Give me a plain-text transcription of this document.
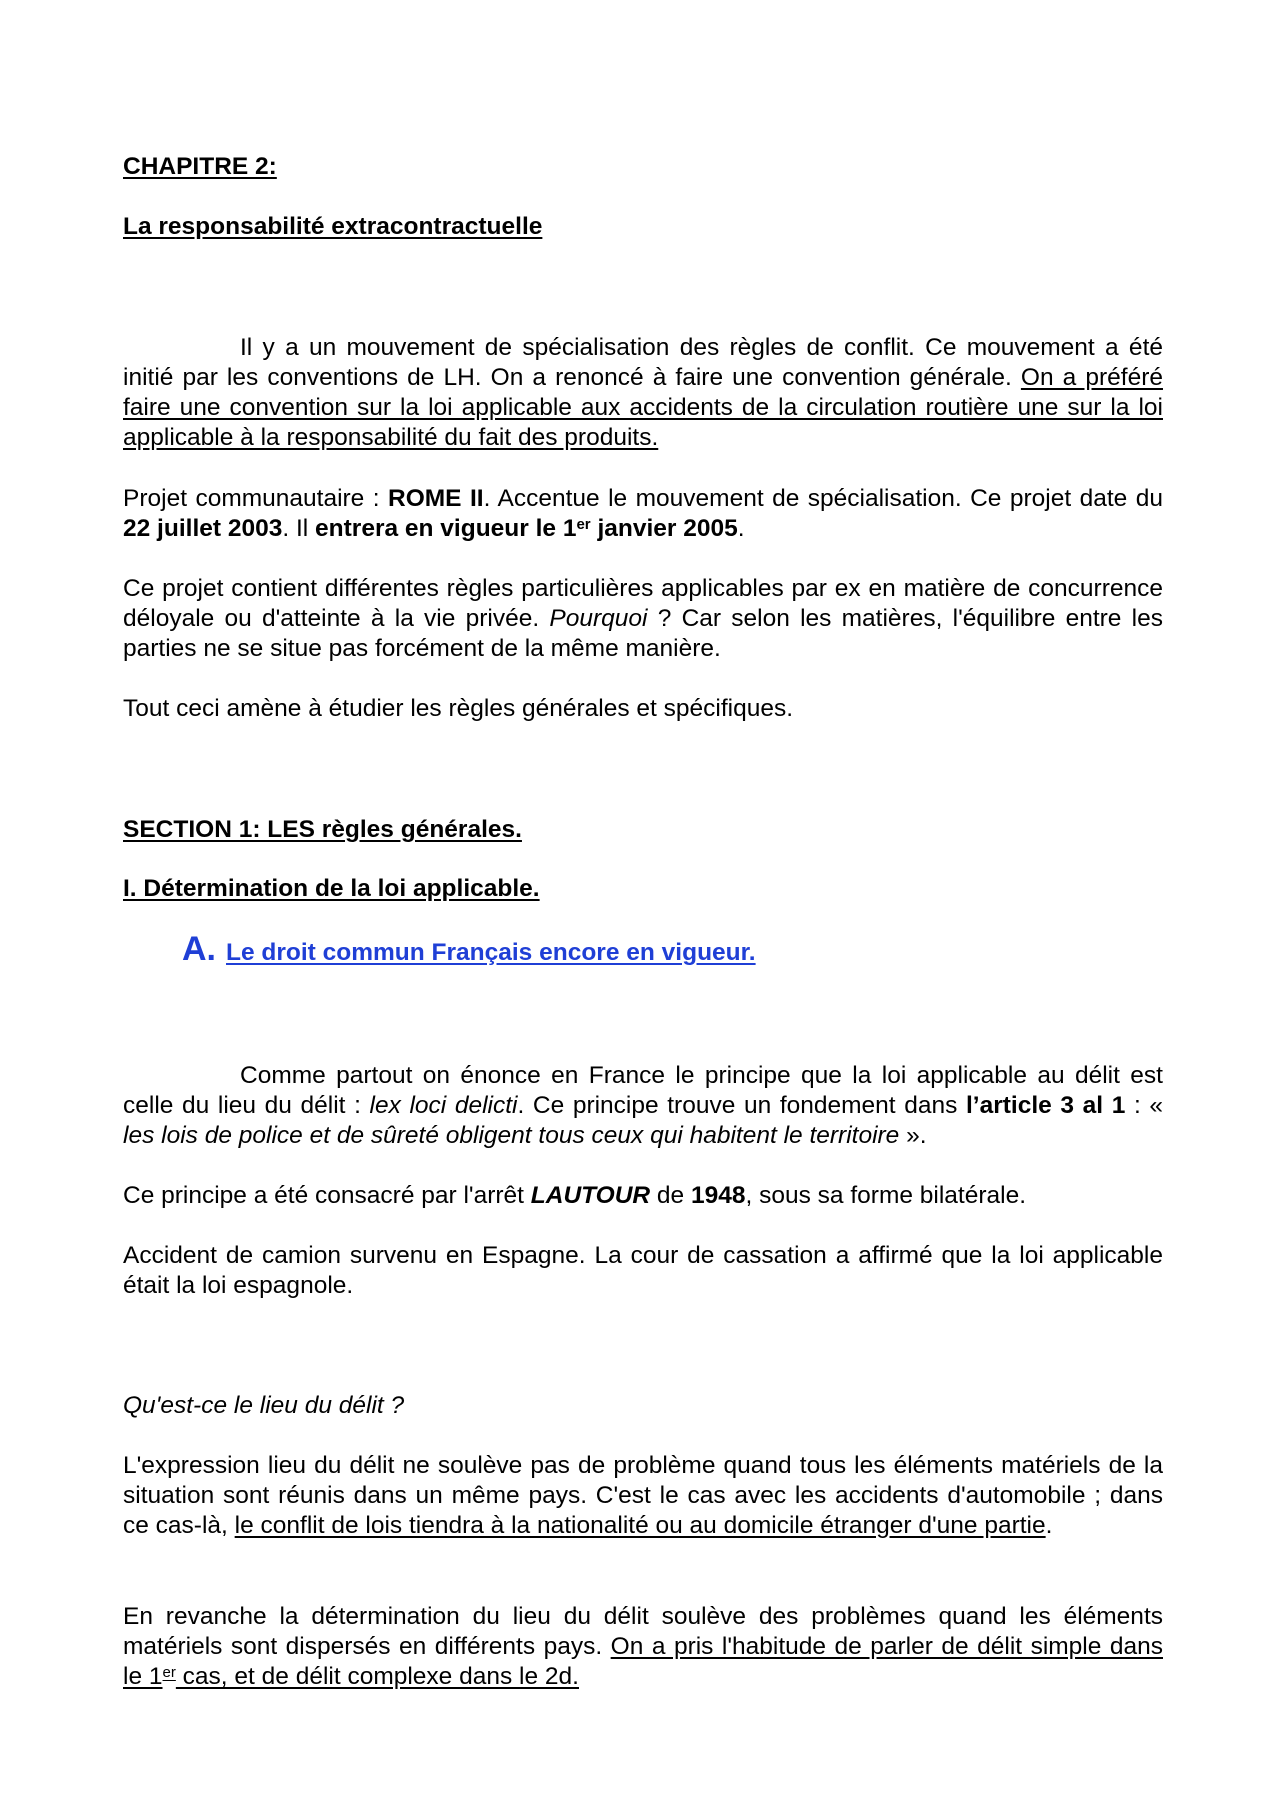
CHAPITRE 2:

La responsabilité extracontractuelle

Il y a un mouvement de spécialisation des règles de conflit. Ce mouvement a été initié par les conventions de LH. On a renoncé à faire une convention générale. On a préféré faire une convention sur la loi applicable aux accidents de la circulation routière une sur la loi applicable à la responsabilité du fait des produits.

Projet communautaire : ROME II. Accentue le mouvement de spécialisation. Ce projet date du 22 juillet 2003. Il entrera en vigueur le 1er janvier 2005.

Ce projet contient différentes règles particulières applicables par ex en matière de concurrence déloyale ou d'atteinte à la vie privée. Pourquoi ? Car selon les matières, l'équilibre entre les parties ne se situe pas forcément de la même manière.

Tout ceci amène à étudier les règles générales et spécifiques.

SECTION 1: LES règles générales.

I. Détermination de la loi applicable.

A. Le droit commun Français encore en vigueur.

Comme partout on énonce en France le principe que la loi applicable au délit est celle du lieu du délit : lex loci delicti. Ce principe trouve un fondement dans l’article 3 al 1 : « les lois de police et de sûreté obligent tous ceux qui habitent le territoire ».

Ce principe a été consacré par l'arrêt LAUTOUR de 1948, sous sa forme bilatérale.

Accident de camion survenu en Espagne. La cour de cassation a affirmé que la loi applicable était la loi espagnole.

Qu'est-ce le lieu du délit ?

L'expression lieu du délit ne soulève pas de problème quand tous les éléments matériels de la situation sont réunis dans un même pays. C'est le cas avec les accidents d'automobile ; dans ce cas-là, le conflit de lois tiendra à la nationalité ou au domicile étranger d'une partie.

En revanche la détermination du lieu du délit soulève des problèmes quand les éléments matériels sont dispersés en différents pays. On a pris l'habitude de parler de délit simple dans le 1er cas, et de délit complexe dans le 2d.
